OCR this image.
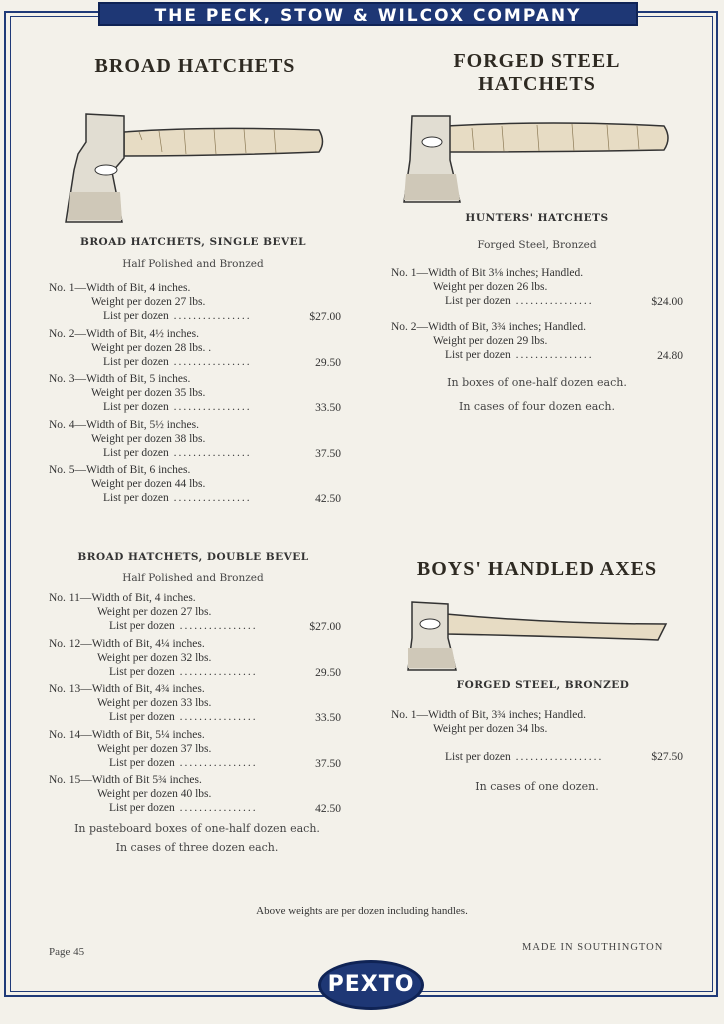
THE PECK, STOW & WILCOX COMPANY
BROAD HATCHETS
BROAD HATCHETS, SINGLE BEVEL
Half Polished and Bronzed
No. 1—Width of Bit, 4 inches.
Weight per dozen 27 lbs.
List per dozen ................	$27.00
No. 2—Width of Bit, 4½ inches.
Weight per dozen 28 lbs. .
List per dozen ................	29.50
No. 3—Width of Bit, 5 inches.
Weight per dozen 35 lbs.
List per dozen ................	33.50
No. 4—Width of Bit, 5½ inches.
Weight per dozen 38 lbs.
List per dozen ................	37.50
No. 5—Width of Bit, 6 inches.
Weight per dozen 44 lbs.
List per dozen ................	42.50
BROAD HATCHETS, DOUBLE BEVEL
Half Polished and Bronzed
No. 11—Width of Bit, 4 inches.
Weight per dozen 27 lbs.
List per dozen ................	$27.00
No. 12—Width of Bit, 4¼ inches.
Weight per dozen 32 lbs.
List per dozen ................	29.50
No. 13—Width of Bit, 4¾ inches.
Weight per dozen 33 lbs.
List per dozen ................	33.50
No. 14—Width of Bit, 5¼ inches.
Weight per dozen 37 lbs.
List per dozen ................	37.50
No. 15—Width of Bit 5¾ inches.
Weight per dozen 40 lbs.
List per dozen ................	42.50
In pasteboard boxes of one-half dozen each.
In cases of three dozen each.
FORGED STEEL
HATCHETS
HUNTERS' HATCHETS
Forged Steel, Bronzed
No. 1—Width of Bit 3⅛ inches; Handled.
Weight per dozen 26 lbs.
List per dozen ................	$24.00
No. 2—Width of Bit, 3¾ inches; Handled.
Weight per dozen 29 lbs.
List per dozen ................	24.80
In boxes of one-half dozen each.
In cases of four dozen each.
BOYS' HANDLED AXES
FORGED STEEL, BRONZED
No. 1—Width of Bit, 3¾ inches; Handled.
Weight per dozen 34 lbs.
List per dozen ..................	$27.50
In cases of one dozen.
Above weights are per dozen including handles.
Page 45	MADE IN SOUTHINGTON
PEXTO
